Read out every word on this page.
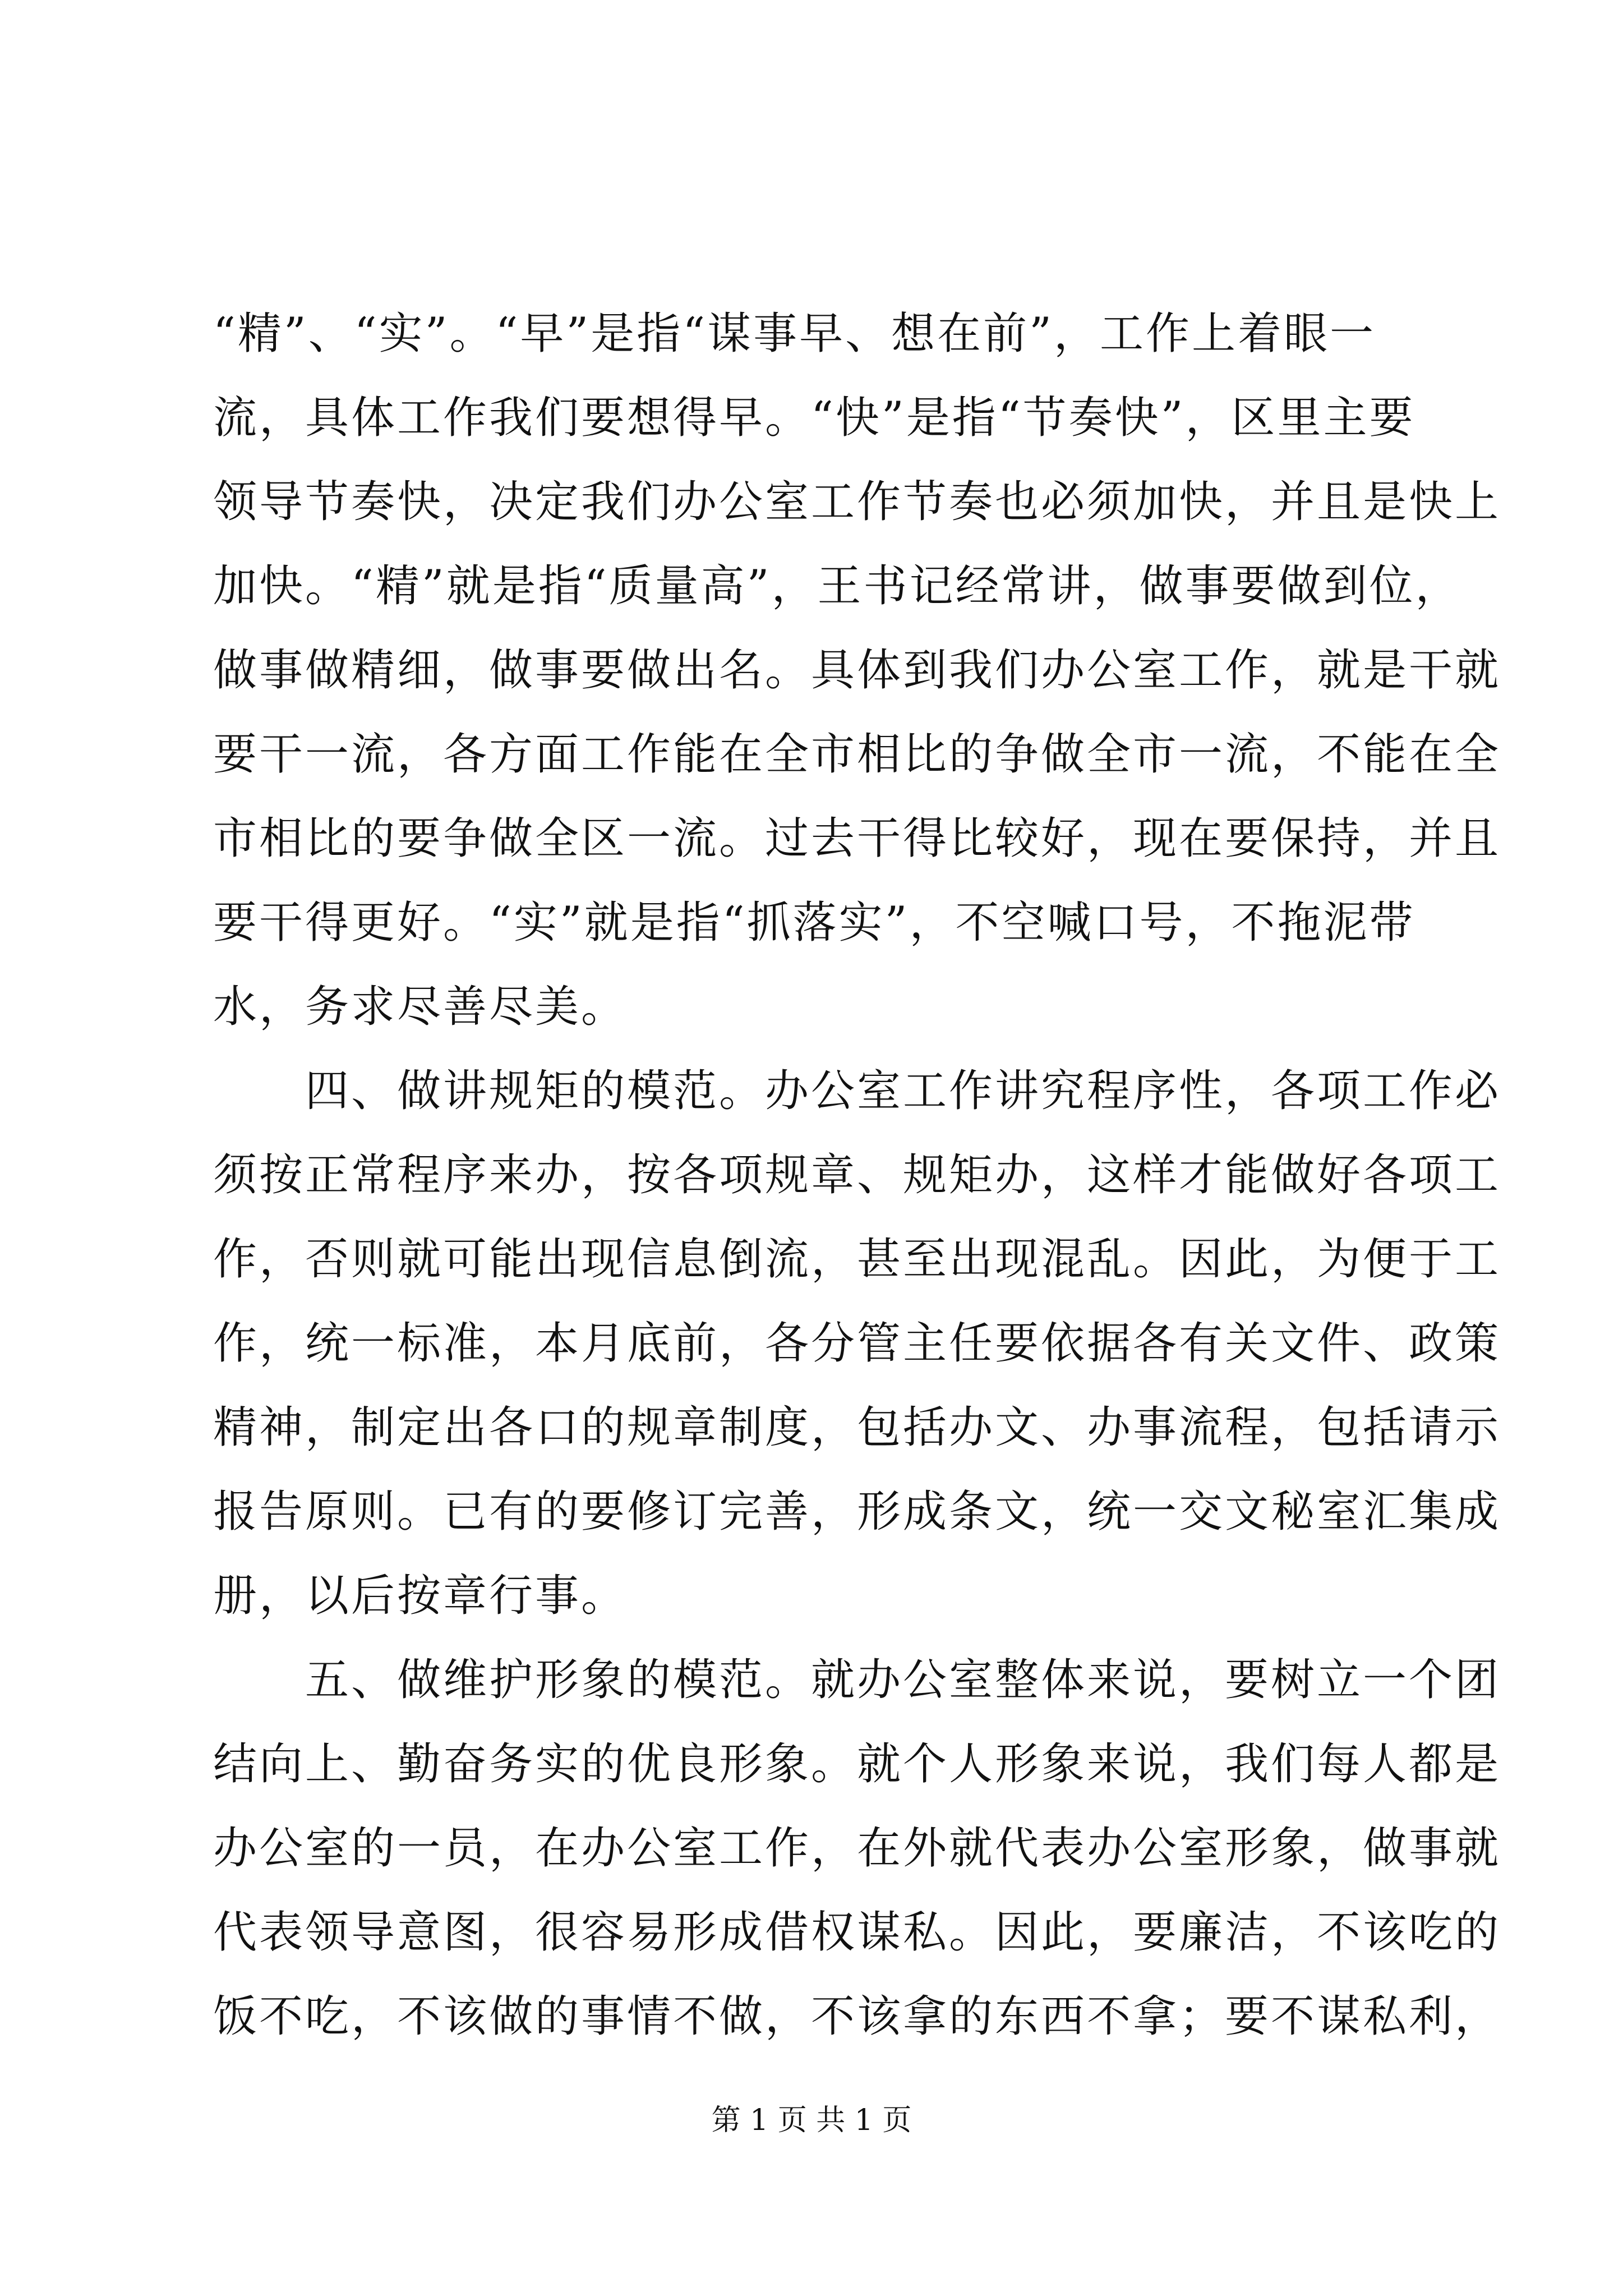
“精”、“实”。“早”是指“谋事早、想在前”，工作上着眼一
流，具体工作我们要想得早。“快”是指“节奏快”，区里主要
领导节奏快，决定我们办公室工作节奏也必须加快，并且是快上
加快。“精”就是指“质量高”，王书记经常讲，做事要做到位，
做事做精细，做事要做出名。具体到我们办公室工作，就是干就
要干一流，各方面工作能在全市相比的争做全市一流，不能在全
市相比的要争做全区一流。过去干得比较好，现在要保持，并且
要干得更好。“实”就是指“抓落实”，不空喊口号，不拖泥带
水，务求尽善尽美。
四、做讲规矩的模范。办公室工作讲究程序性，各项工作必
须按正常程序来办，按各项规章、规矩办，这样才能做好各项工
作，否则就可能出现信息倒流，甚至出现混乱。因此，为便于工
作，统一标准，本月底前，各分管主任要依据各有关文件、政策
精神，制定出各口的规章制度，包括办文、办事流程，包括请示
报告原则。已有的要修订完善，形成条文，统一交文秘室汇集成
册，以后按章行事。
五、做维护形象的模范。就办公室整体来说，要树立一个团
结向上、勤奋务实的优良形象。就个人形象来说，我们每人都是
办公室的一员，在办公室工作，在外就代表办公室形象，做事就
代表领导意图，很容易形成借权谋私。因此，要廉洁，不该吃的
饭不吃，不该做的事情不做，不该拿的东西不拿；要不谋私利，
第 1 页 共 1 页
